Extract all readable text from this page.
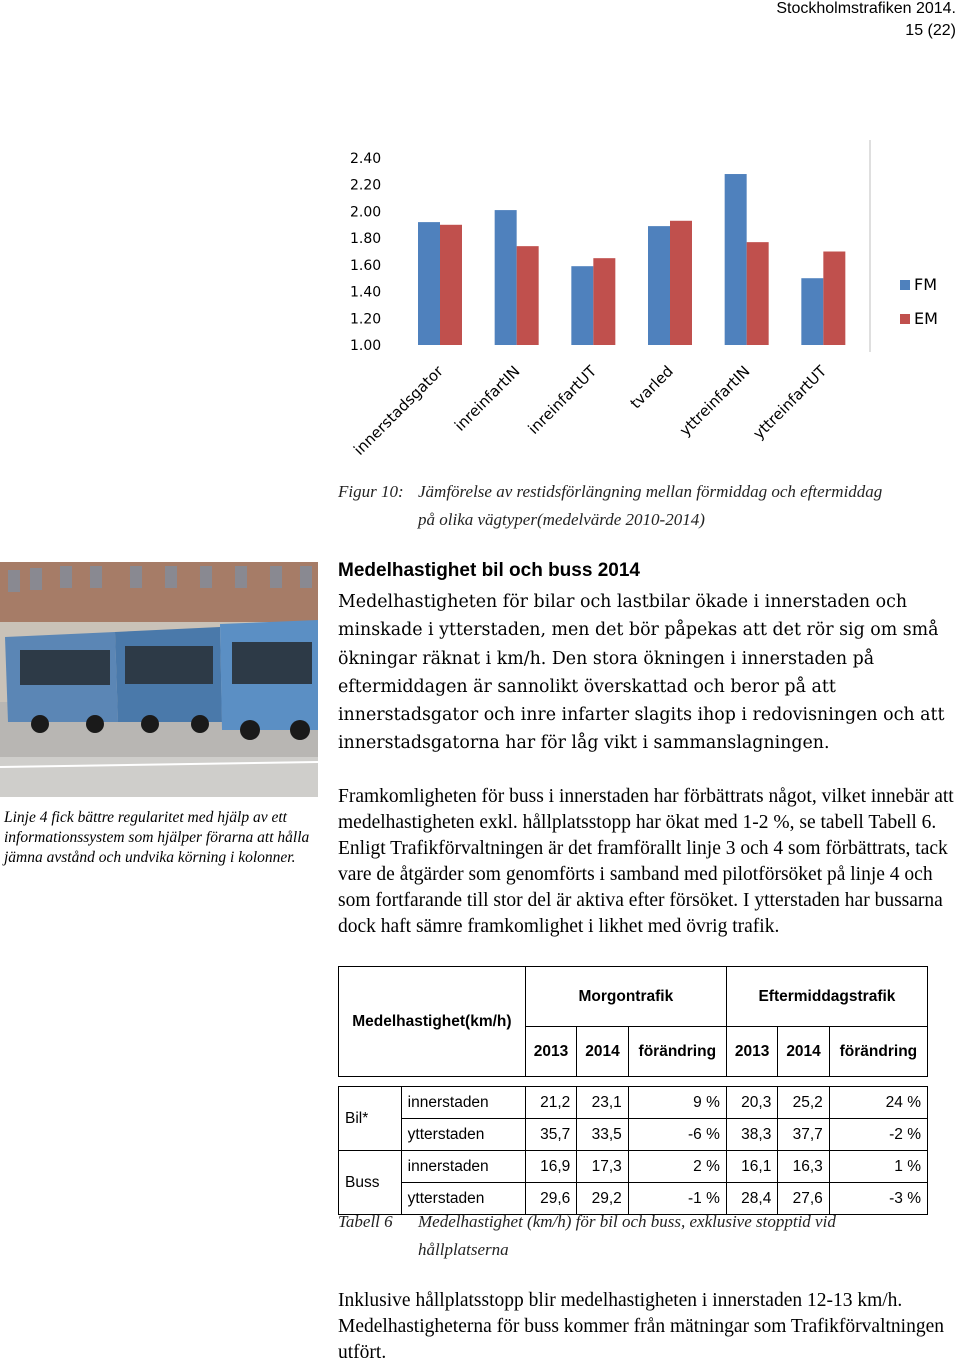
Stockholmstrafiken 2014.
15 (22)
1.00
1.20
1.40
1.60
1.80
2.00
2.20
2.40
innerstadsgator inreinfartIN inreinfartUT tvarled yttreinfartIN
yttreinfartUT
FM
EM
Figur 10: Jämförelse av restidsförlängning mellan förmiddag och eftermiddag
på olika vägtyper(medelvärde 2010-2014)
Linje 4 fick bättre regularitet med hjälp av ett informationssystem som hjälper förarna att hålla jämna avstånd och undvika körning i kolonner.
Medelhastighet bil och buss 2014
Medelhastigheten för bilar och lastbilar ökade i innerstaden och minskade i ytterstaden, men det bör påpekas att det rör sig om små ökningar räknat i km/h. Den stora ökningen i innerstaden på eftermiddagen är sannolikt överskattad och beror på att innerstadsgator och inre infarter slagits ihop i redovisningen och att innerstadsgatorna har för låg vikt i sammanslagningen.
Framkomligheten för buss i innerstaden har förbättrats något, vilket innebär att medelhastigheten exkl. hållplatsstopp har ökat med 1-2 %, se tabell Tabell 6. Enligt Trafikförvaltningen är det framförallt linje 3 och 4 som förbättrats, tack vare de åtgärder som genomförts i samband med pilotförsöket på linje 4 och som fortfarande till stor del är aktiva efter försöket. I ytterstaden har bussarna dock haft sämre framkomlighet i likhet med övrig trafik.
Medelhastighet(km/h)		Morgontrafik			Eftermiddagstrafik		
		2013	2014	förändring	2013	2014	förändring

Bil*	innerstaden	21,2	23,1	9 %	20,3	25,2	24 %
	ytterstaden	35,7	33,5	-6 %	38,3	37,7	-2 %
Buss	innerstaden	16,9	17,3	2 %	16,1	16,3	1 %
	ytterstaden	29,6	29,2	-1 %	28,4	27,6	-3 %
Tabell 6 Medelhastighet (km/h) för bil och buss, exklusive stopptid vid
hållplatserna
Inklusive hållplatsstopp blir medelhastigheten i innerstaden 12-13 km/h. Medelhastigheterna för buss kommer från mätningar som Trafikförvaltningen utfört.
